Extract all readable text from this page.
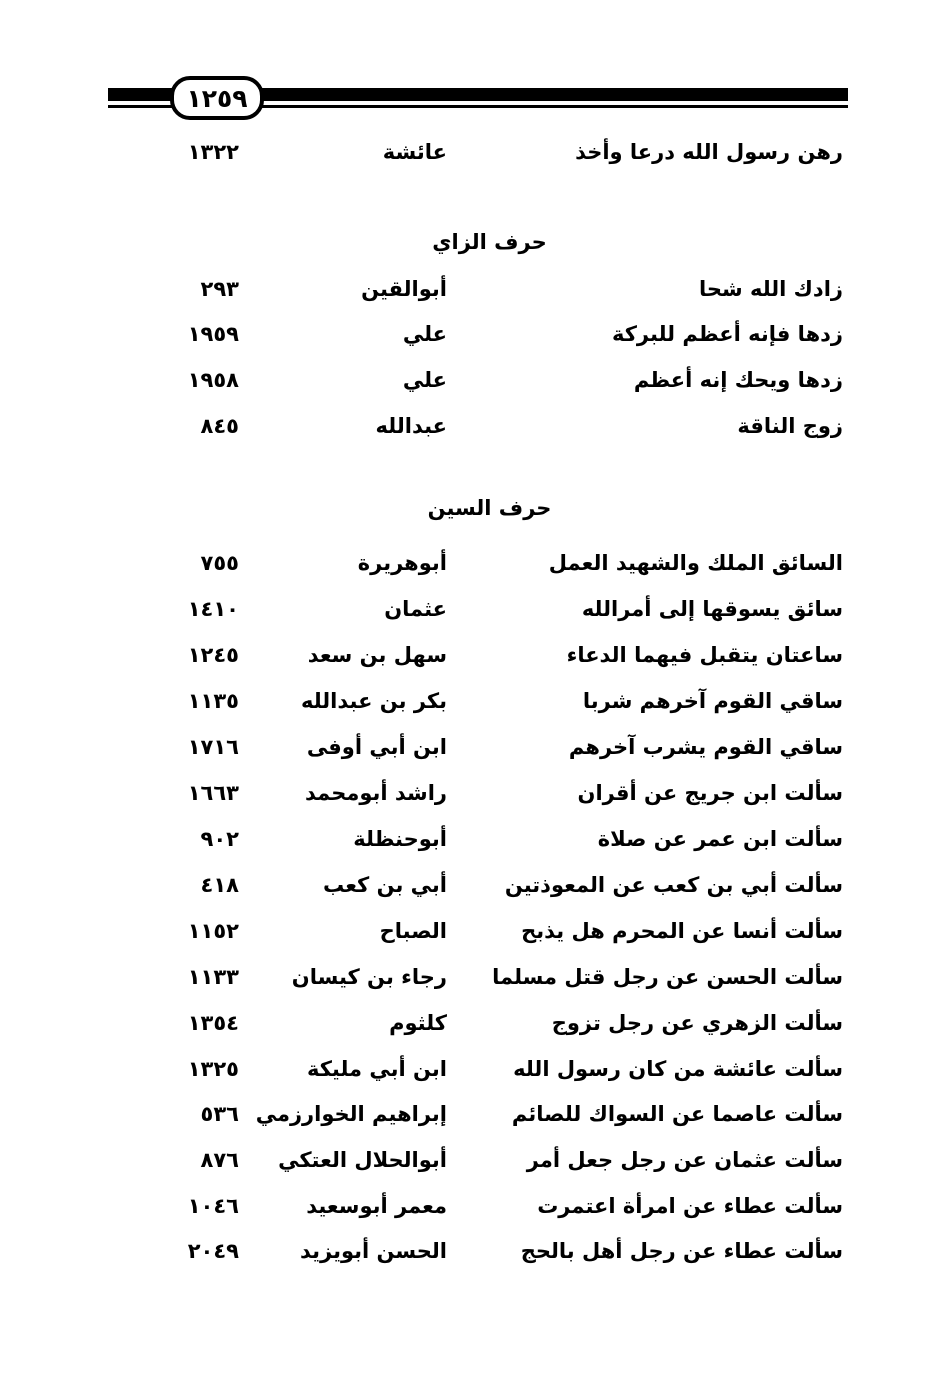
١٢٥٩
رهن رسول الله درعا وأخذ
عائشة
١٣٢٢
حرف الزاي
زادك الله شحا
أبوالقين
٢٩٣
زدها فإنه أعظم للبركة
علي
١٩٥٩
زدها ويحك إنه أعظم
علي
١٩٥٨
زوج الناقة
عبدالله
٨٤٥
حرف السين
السائق الملك والشهيد العمل
أبوهريرة
٧٥٥
سائق يسوقها إلى أمرالله
عثمان
١٤١٠
ساعتان يتقبل فيهما الدعاء
سهل بن سعد
١٢٤٥
ساقي القوم آخرهم شربا
بكر بن عبدالله
١١٣٥
ساقي القوم يشرب آخرهم
ابن أبي أوفى
١٧١٦
سألت ابن جريج عن أقران
راشد أبومحمد
١٦٦٣
سألت ابن عمر عن صلاة
أبوحنظلة
٩٠٢
سألت أبي بن كعب عن المعوذتين
أبي بن كعب
٤١٨
سألت أنسا عن المحرم هل يذبح
الصباح
١١٥٢
سألت الحسن عن رجل قتل مسلما
رجاء بن كيسان
١١٣٣
سألت الزهري عن رجل تزوج
كلثوم
١٣٥٤
سألت عائشة من كان رسول الله
ابن أبي مليكة
١٣٢٥
سألت عاصما عن السواك للصائم
إبراهيم الخوارزمي
٥٣٦
سألت عثمان عن رجل جعل أمر
أبوالحلال العتكي
٨٧٦
سألت عطاء عن امرأة اعتمرت
معمر أبوسعيد
١٠٤٦
سألت عطاء عن رجل أهل بالحج
الحسن أبويزيد
٢٠٤٩
